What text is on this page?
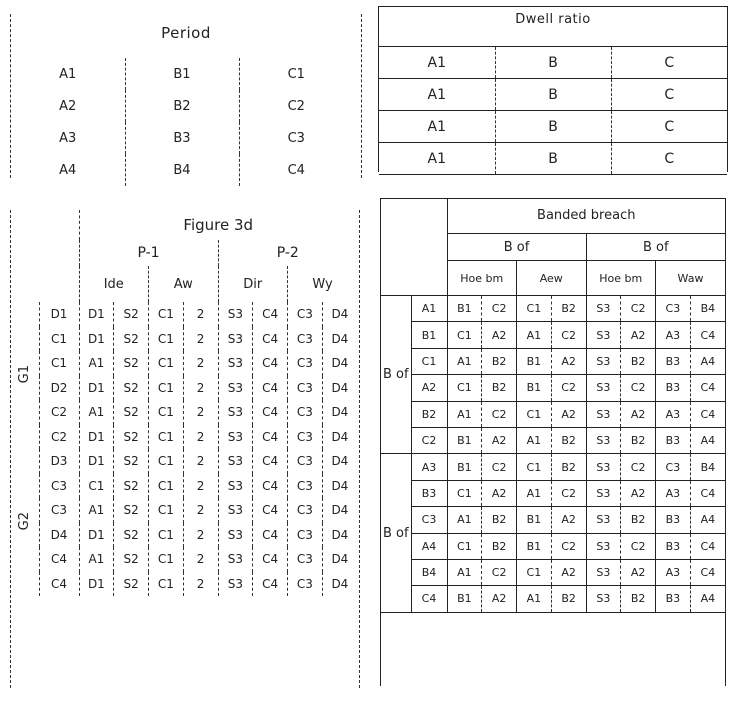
Period
A1	B1	C1
A2	B2	C2
A3	B3	C3
A4	B4	C4
Dwell ratio
A1	B	C
A1	B	C
A1	B	C
A1	B	C
		Figure 3d							
		P-1				P-2			
		Ide		Aw		Dir		Wy	
G1	D1	D1	S2	C1	2	S3	C4	C3	D4
	C1	D1	S2	C1	2	S3	C4	C3	D4
	C1	A1	S2	C1	2	S3	C4	C3	D4
	D2	D1	S2	C1	2	S3	C4	C3	D4
	C2	A1	S2	C1	2	S3	C4	C3	D4
	C2	D1	S2	C1	2	S3	C4	C3	D4
G2	D3	D1	S2	C1	2	S3	C4	C3	D4
	C3	C1	S2	C1	2	S3	C4	C3	D4
	C3	A1	S2	C1	2	S3	C4	C3	D4
	D4	D1	S2	C1	2	S3	C4	C3	D4
	C4	A1	S2	C1	2	S3	C4	C3	D4
	C4	D1	S2	C1	2	S3	C4	C3	D4
		Banded breach							
		B of				B of			
		Hoe bm		Aew		Hoe bm		Waw	
B of	A1	B1	C2	C1	B2	S3	C2	C3	B4
	B1	C1	A2	A1	C2	S3	A2	A3	C4
	C1	A1	B2	B1	A2	S3	B2	B3	A4
	A2	C1	B2	B1	C2	S3	C2	B3	C4
	B2	A1	C2	C1	A2	S3	A2	A3	C4
	C2	B1	A2	A1	B2	S3	B2	B3	A4
B of	A3	B1	C2	C1	B2	S3	C2	C3	B4
	B3	C1	A2	A1	C2	S3	A2	A3	C4
	C3	A1	B2	B1	A2	S3	B2	B3	A4
	A4	C1	B2	B1	C2	S3	C2	B3	C4
	B4	A1	C2	C1	A2	S3	A2	A3	C4
	C4	B1	A2	A1	B2	S3	B2	B3	A4
